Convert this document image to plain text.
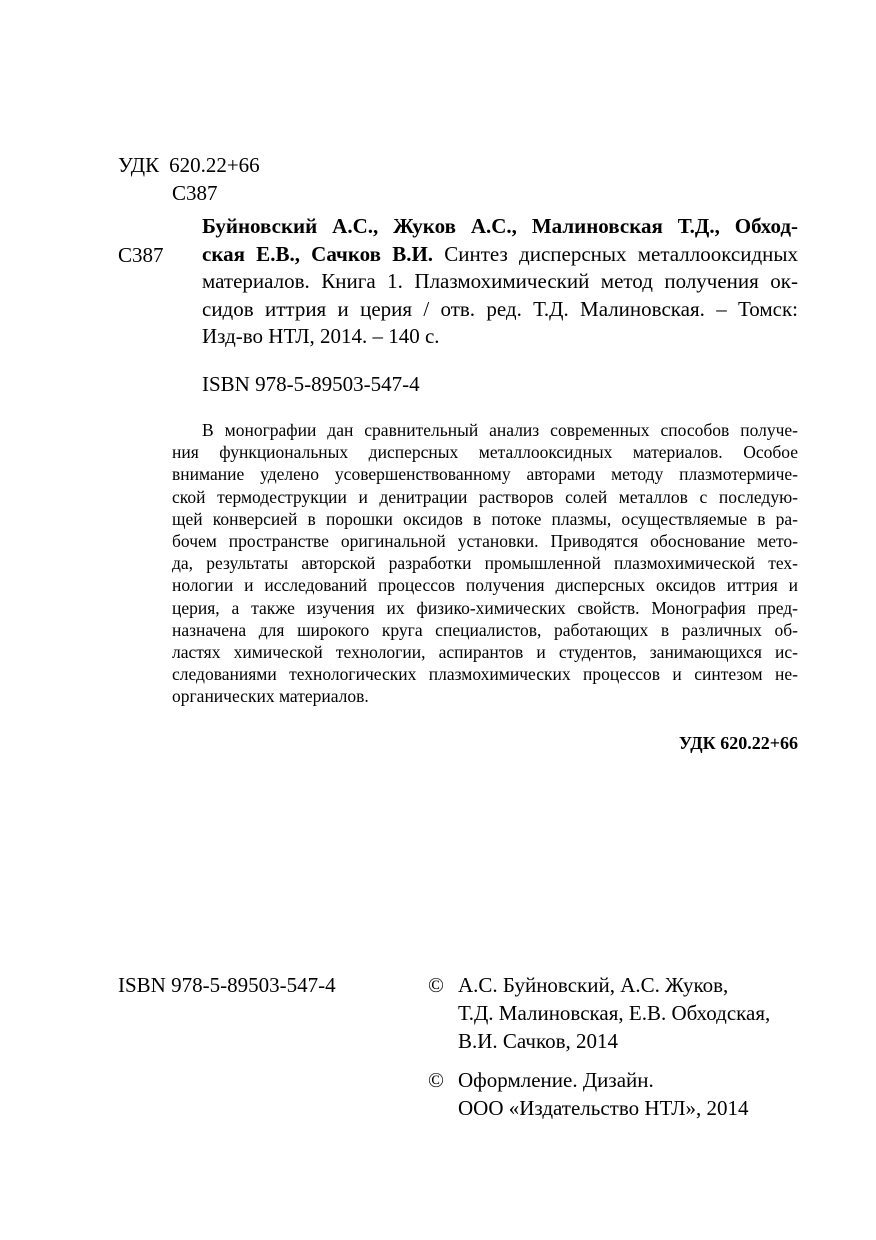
УДК 620.22+66
С387
С387
Буйновский А.С., Жуков А.С., Малиновская Т.Д., Обход-
ская Е.В., Сачков В.И. Синтез дисперсных металлооксидных
материалов. Книга 1. Плазмохимический метод получения ок-
сидов иттрия и церия / отв. ред. Т.Д. Малиновская. – Томск:
Изд-во НТЛ, 2014. – 140 с.
ISBN 978-5-89503-547-4
В монографии дан сравнительный анализ современных способов получе-
ния функциональных дисперсных металлооксидных материалов. Особое
внимание уделено усовершенствованному авторами методу плазмотермиче-
ской термодеструкции и денитрации растворов солей металлов с последую-
щей конверсией в порошки оксидов в потоке плазмы, осуществляемые в ра-
бочем пространстве оригинальной установки. Приводятся обоснование мето-
да, результаты авторской разработки промышленной плазмохимической тех-
нологии и исследований процессов получения дисперсных оксидов иттрия и
церия, а также изучения их физико-химических свойств. Монография пред-
назначена для широкого круга специалистов, работающих в различных об-
ластях химической технологии, аспирантов и студентов, занимающихся ис-
следованиями технологических плазмохимических процессов и синтезом не-
органических материалов.
УДК 620.22+66
ISBN 978-5-89503-547-4	© А.С. Буйновский, А.С. Жуков,
Т.Д. Малиновская, Е.В. Обходская,
В.И. Сачков, 2014
© Оформление. Дизайн.
ООО «Издательство НТЛ», 2014
